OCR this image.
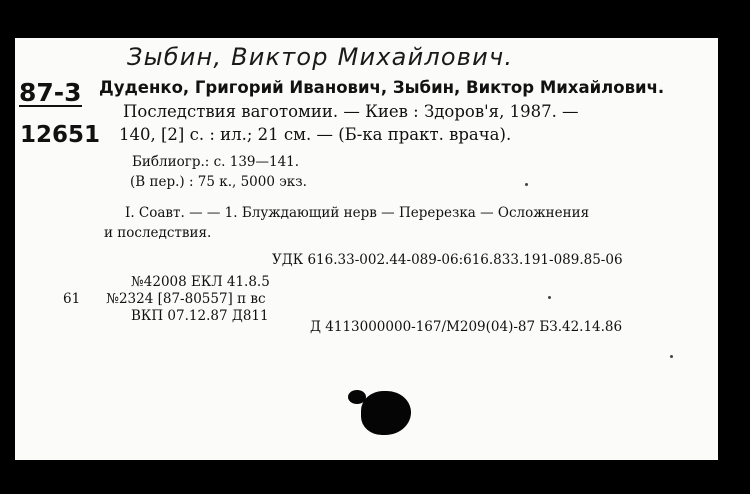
Зыбин, Виктор Михайлович.
87-3
12651
Дуденко, Григорий Иванович, Зыбин, Виктор Михайлович.
Последствия ваготомии. — Киев : Здоров'я, 1987. —
140, [2] с. : ил.; 21 см. — (Б-ка практ. врача).
Библиогр.: с. 139—141.
(В пер.) : 75 к., 5000 экз.
I. Соавт. — — 1. Блуждающий нерв — Перерезка — Осложнения
и последствия.
УДК 616.33-002.44-089-06:616.833.191-089.85-06
№42008 ЕКЛ 41.8.5
61 №2324 [87-80557] п вс
ВКП 07.12.87 Д811
Д 4113000000-167/М209(04)-87 БЗ.42.14.86
